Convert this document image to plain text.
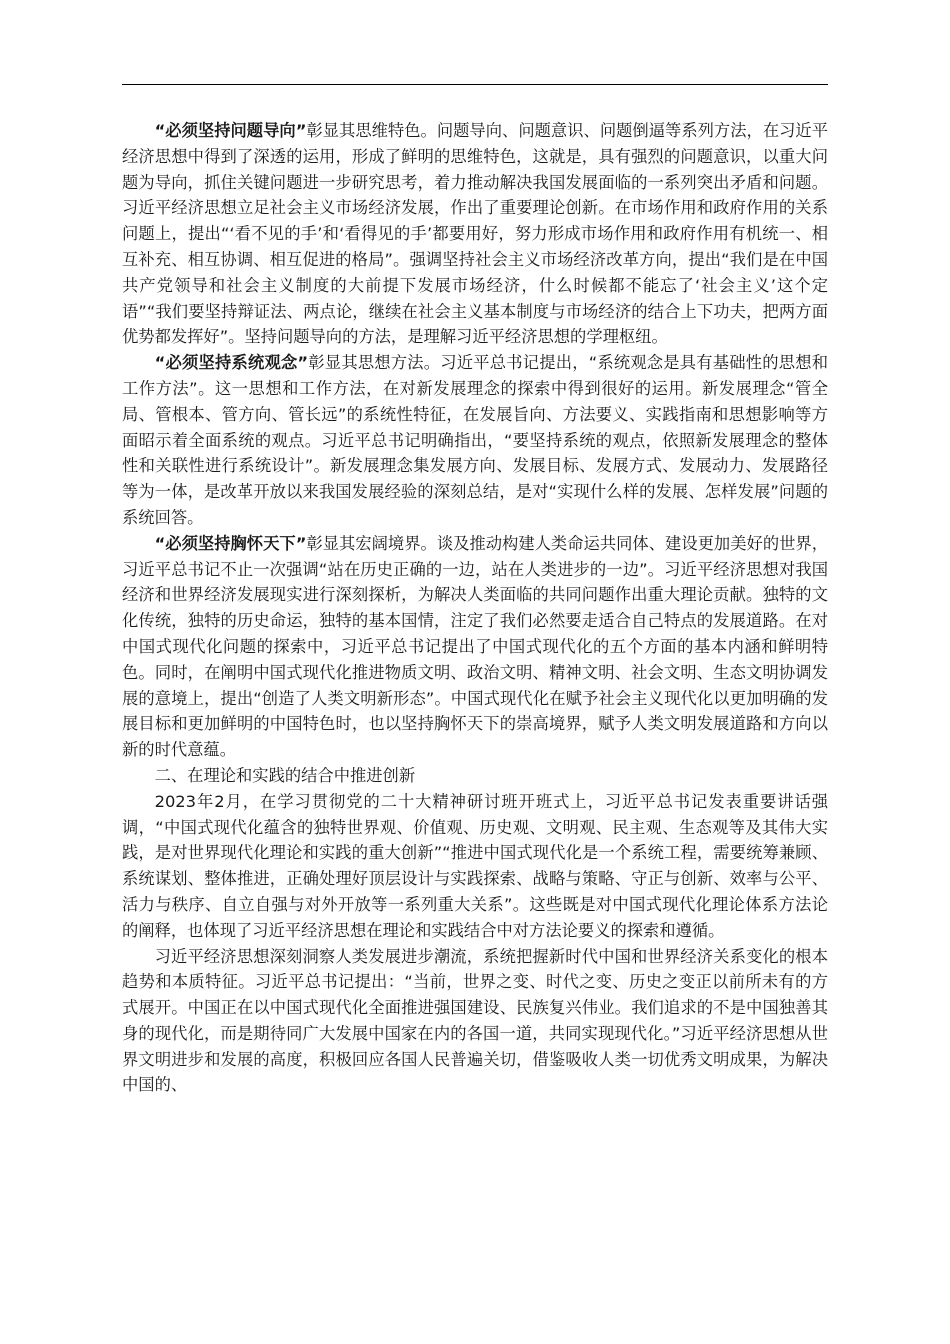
“必须坚持问题导向”彰显其思维特色。问题导向、问题意识、问题倒逼等系列方法，在习近平经济思想中得到了深透的运用，形成了鲜明的思维特色，这就是，具有强烈的问题意识，以重大问题为导向，抓住关键问题进一步研究思考，着力推动解决我国发展面临的一系列突出矛盾和问题。习近平经济思想立足社会主义市场经济发展，作出了重要理论创新。在市场作用和政府作用的关系问题上，提出“‘看不见的手’和‘看得见的手’都要用好，努力形成市场作用和政府作用有机统一、相互补充、相互协调、相互促进的格局”。强调坚持社会主义市场经济改革方向，提出“我们是在中国共产党领导和社会主义制度的大前提下发展市场经济，什么时候都不能忘了‘社会主义’这个定语”“我们要坚持辩证法、两点论，继续在社会主义基本制度与市场经济的结合上下功夫，把两方面优势都发挥好”。坚持问题导向的方法，是理解习近平经济思想的学理枢纽。

“必须坚持系统观念”彰显其思想方法。习近平总书记提出，“系统观念是具有基础性的思想和工作方法”。这一思想和工作方法，在对新发展理念的探索中得到很好的运用。新发展理念“管全局、管根本、管方向、管长远”的系统性特征，在发展旨向、方法要义、实践指南和思想影响等方面昭示着全面系统的观点。习近平总书记明确指出，“要坚持系统的观点，依照新发展理念的整体性和关联性进行系统设计”。新发展理念集发展方向、发展目标、发展方式、发展动力、发展路径等为一体，是改革开放以来我国发展经验的深刻总结，是对“实现什么样的发展、怎样发展”问题的系统回答。

“必须坚持胸怀天下”彰显其宏阔境界。谈及推动构建人类命运共同体、建设更加美好的世界，习近平总书记不止一次强调“站在历史正确的一边，站在人类进步的一边”。习近平经济思想对我国经济和世界经济发展现实进行深刻探析，为解决人类面临的共同问题作出重大理论贡献。独特的文化传统，独特的历史命运，独特的基本国情，注定了我们必然要走适合自己特点的发展道路。在对中国式现代化问题的探索中，习近平总书记提出了中国式现代化的五个方面的基本内涵和鲜明特色。同时，在阐明中国式现代化推进物质文明、政治文明、精神文明、社会文明、生态文明协调发展的意境上，提出“创造了人类文明新形态”。中国式现代化在赋予社会主义现代化以更加明确的发展目标和更加鲜明的中国特色时，也以坚持胸怀天下的崇高境界，赋予人类文明发展道路和方向以新的时代意蕴。

二、在理论和实践的结合中推进创新

2023年2月，在学习贯彻党的二十大精神研讨班开班式上，习近平总书记发表重要讲话强调，“中国式现代化蕴含的独特世界观、价值观、历史观、文明观、民主观、生态观等及其伟大实践，是对世界现代化理论和实践的重大创新”“推进中国式现代化是一个系统工程，需要统筹兼顾、系统谋划、整体推进，正确处理好顶层设计与实践探索、战略与策略、守正与创新、效率与公平、活力与秩序、自立自强与对外开放等一系列重大关系”。这些既是对中国式现代化理论体系方法论的阐释，也体现了习近平经济思想在理论和实践结合中对方法论要义的探索和遵循。

习近平经济思想深刻洞察人类发展进步潮流，系统把握新时代中国和世界经济关系变化的根本趋势和本质特征。习近平总书记提出：“当前，世界之变、时代之变、历史之变正以前所未有的方式展开。中国正在以中国式现代化全面推进强国建设、民族复兴伟业。我们追求的不是中国独善其身的现代化，而是期待同广大发展中国家在内的各国一道，共同实现现代化。”习近平经济思想从世界文明进步和发展的高度，积极回应各国人民普遍关切，借鉴吸收人类一切优秀文明成果，为解决中国的、
